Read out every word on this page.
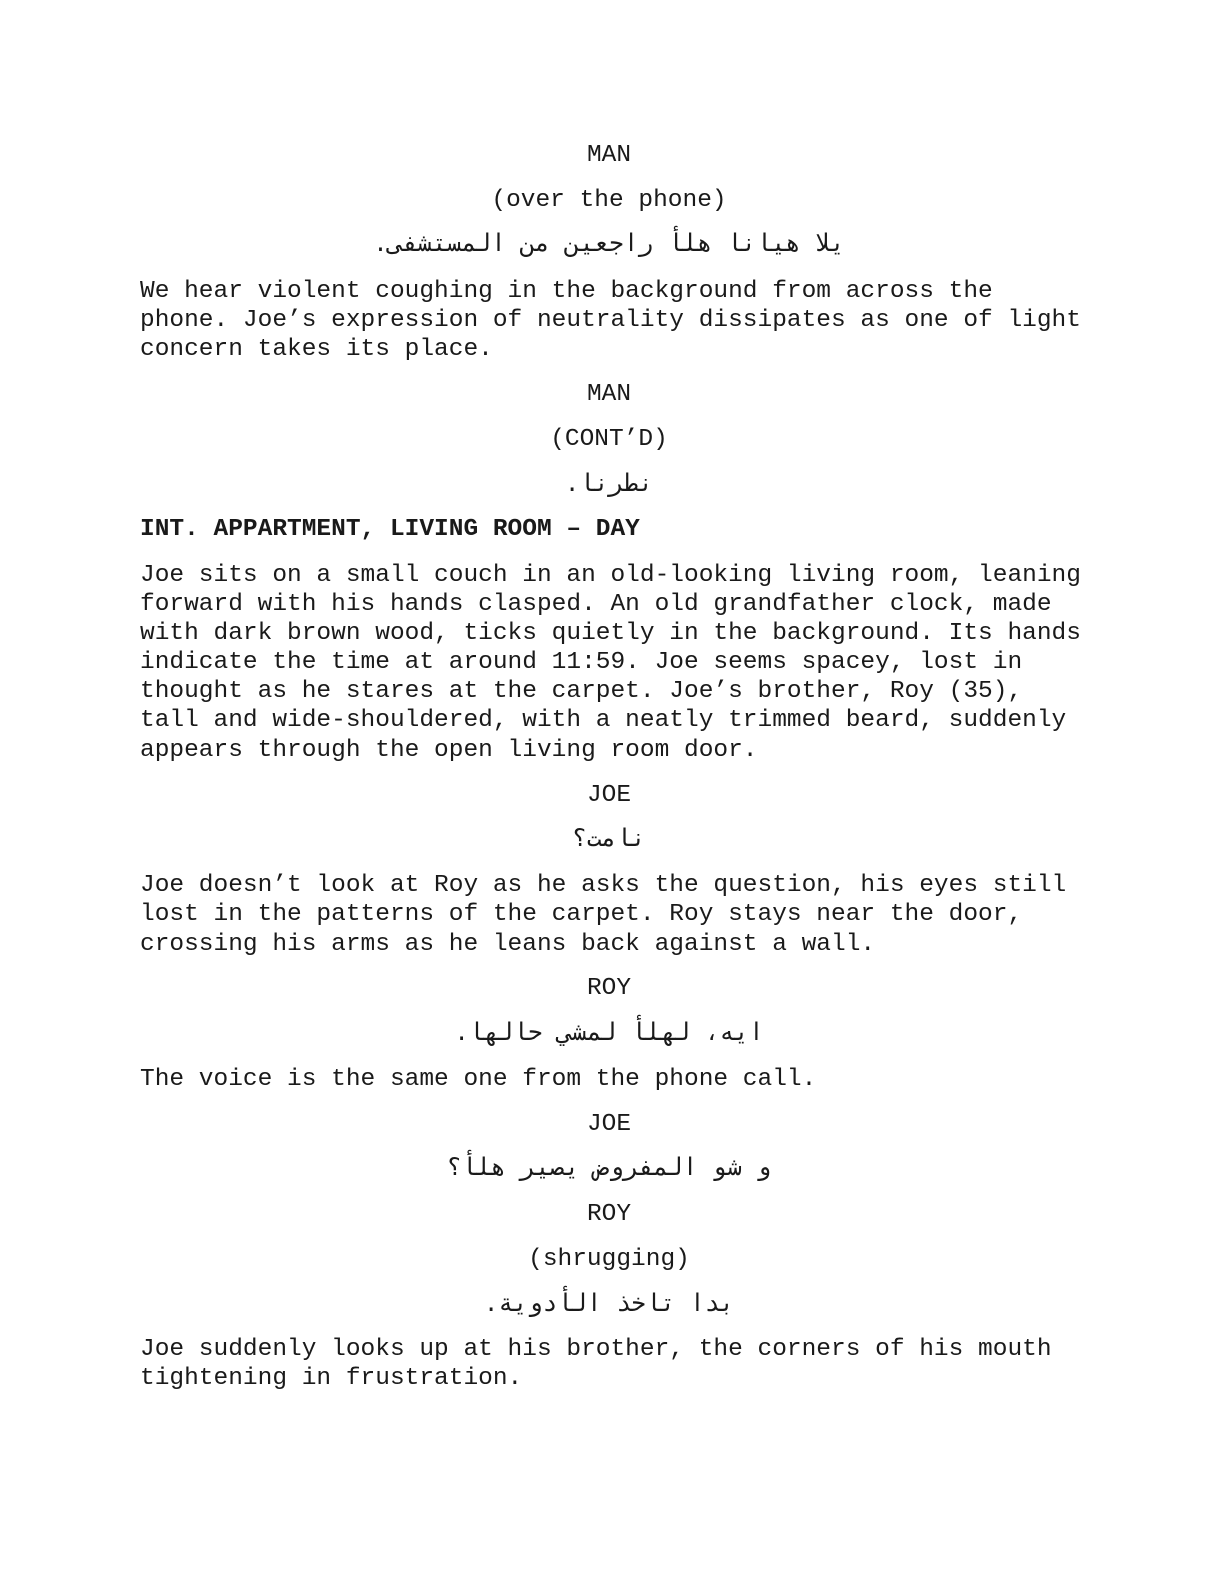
MAN
(over the phone)
يلا هيانا هلأ راجعين من المستشفى.
We hear violent coughing in the background from across the
phone. Joe’s expression of neutrality dissipates as one of light
concern takes its place.
MAN
(CONT’D)
نطرنا.
INT. APPARTMENT, LIVING ROOM – DAY
Joe sits on a small couch in an old-looking living room, leaning
forward with his hands clasped. An old grandfather clock, made
with dark brown wood, ticks quietly in the background. Its hands
indicate the time at around 11:59. Joe seems spacey, lost in
thought as he stares at the carpet. Joe’s brother, Roy (35),
tall and wide-shouldered, with a neatly trimmed beard, suddenly
appears through the open living room door.
JOE
نامت؟
Joe doesn’t look at Roy as he asks the question, his eyes still
lost in the patterns of the carpet. Roy stays near the door,
crossing his arms as he leans back against a wall.
ROY
ايه، لهلأ لمشي حالها.
The voice is the same one from the phone call.
JOE
و شو المفروض يصير هلأ؟
ROY
(shrugging)
بدا تاخذ الأدوية.
Joe suddenly looks up at his brother, the corners of his mouth
tightening in frustration.
